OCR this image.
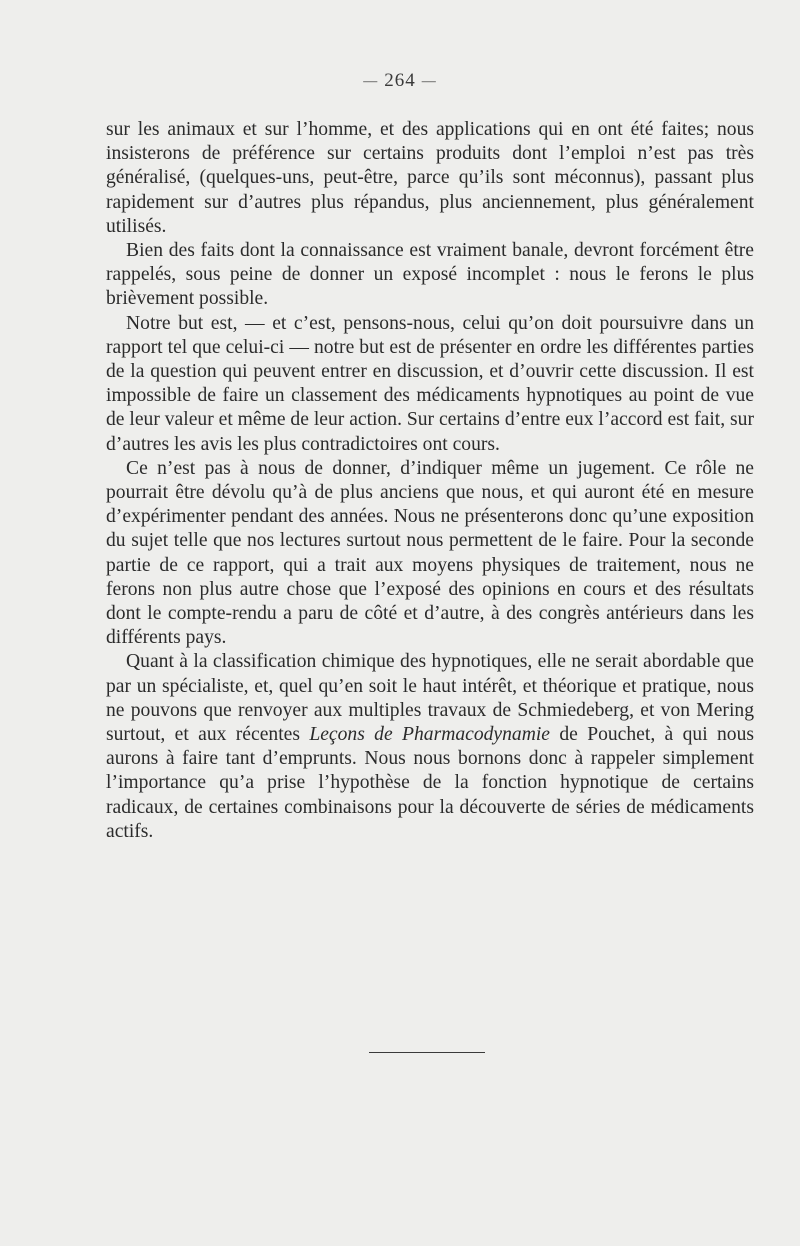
— 264 —

sur les animaux et sur l’homme, et des applications qui en ont été faites; nous insisterons de préférence sur certains produits dont l’emploi n’est pas très généralisé, (quelques-uns, peut-être, parce qu’ils sont méconnus), passant plus rapidement sur d’autres plus répandus, plus anciennement, plus généralement utilisés.

Bien des faits dont la connaissance est vraiment banale, devront forcément être rappelés, sous peine de donner un exposé incomplet : nous le ferons le plus brièvement possible.

Notre but est, — et c’est, pensons-nous, celui qu’on doit poursuivre dans un rapport tel que celui-ci — notre but est de présenter en ordre les différentes parties de la question qui peuvent entrer en discussion, et d’ouvrir cette discussion. Il est impossible de faire un classement des médicaments hypnotiques au point de vue de leur valeur et même de leur action. Sur certains d’entre eux l’accord est fait, sur d’autres les avis les plus contradictoires ont cours.

Ce n’est pas à nous de donner, d’indiquer même un jugement. Ce rôle ne pourrait être dévolu qu’à de plus anciens que nous, et qui auront été en mesure d’expérimenter pendant des années. Nous ne présenterons donc qu’une exposition du sujet telle que nos lectures surtout nous permettent de le faire. Pour la seconde partie de ce rapport, qui a trait aux moyens physiques de traitement, nous ne ferons non plus autre chose que l’exposé des opinions en cours et des résultats dont le compte-rendu a paru de côté et d’autre, à des congrès antérieurs dans les différents pays.

Quant à la classification chimique des hypnotiques, elle ne serait abordable que par un spécialiste, et, quel qu’en soit le haut intérêt, et théorique et pratique, nous ne pouvons que renvoyer aux multiples travaux de Schmiedeberg, et von Mering surtout, et aux récentes Leçons de Pharmacodynamie de Pouchet, à qui nous aurons à faire tant d’emprunts. Nous nous bornons donc à rappeler simplement l’importance qu’a prise l’hypothèse de la fonction hypnotique de certains radicaux, de certaines combinaisons pour la découverte de séries de médicaments actifs.
